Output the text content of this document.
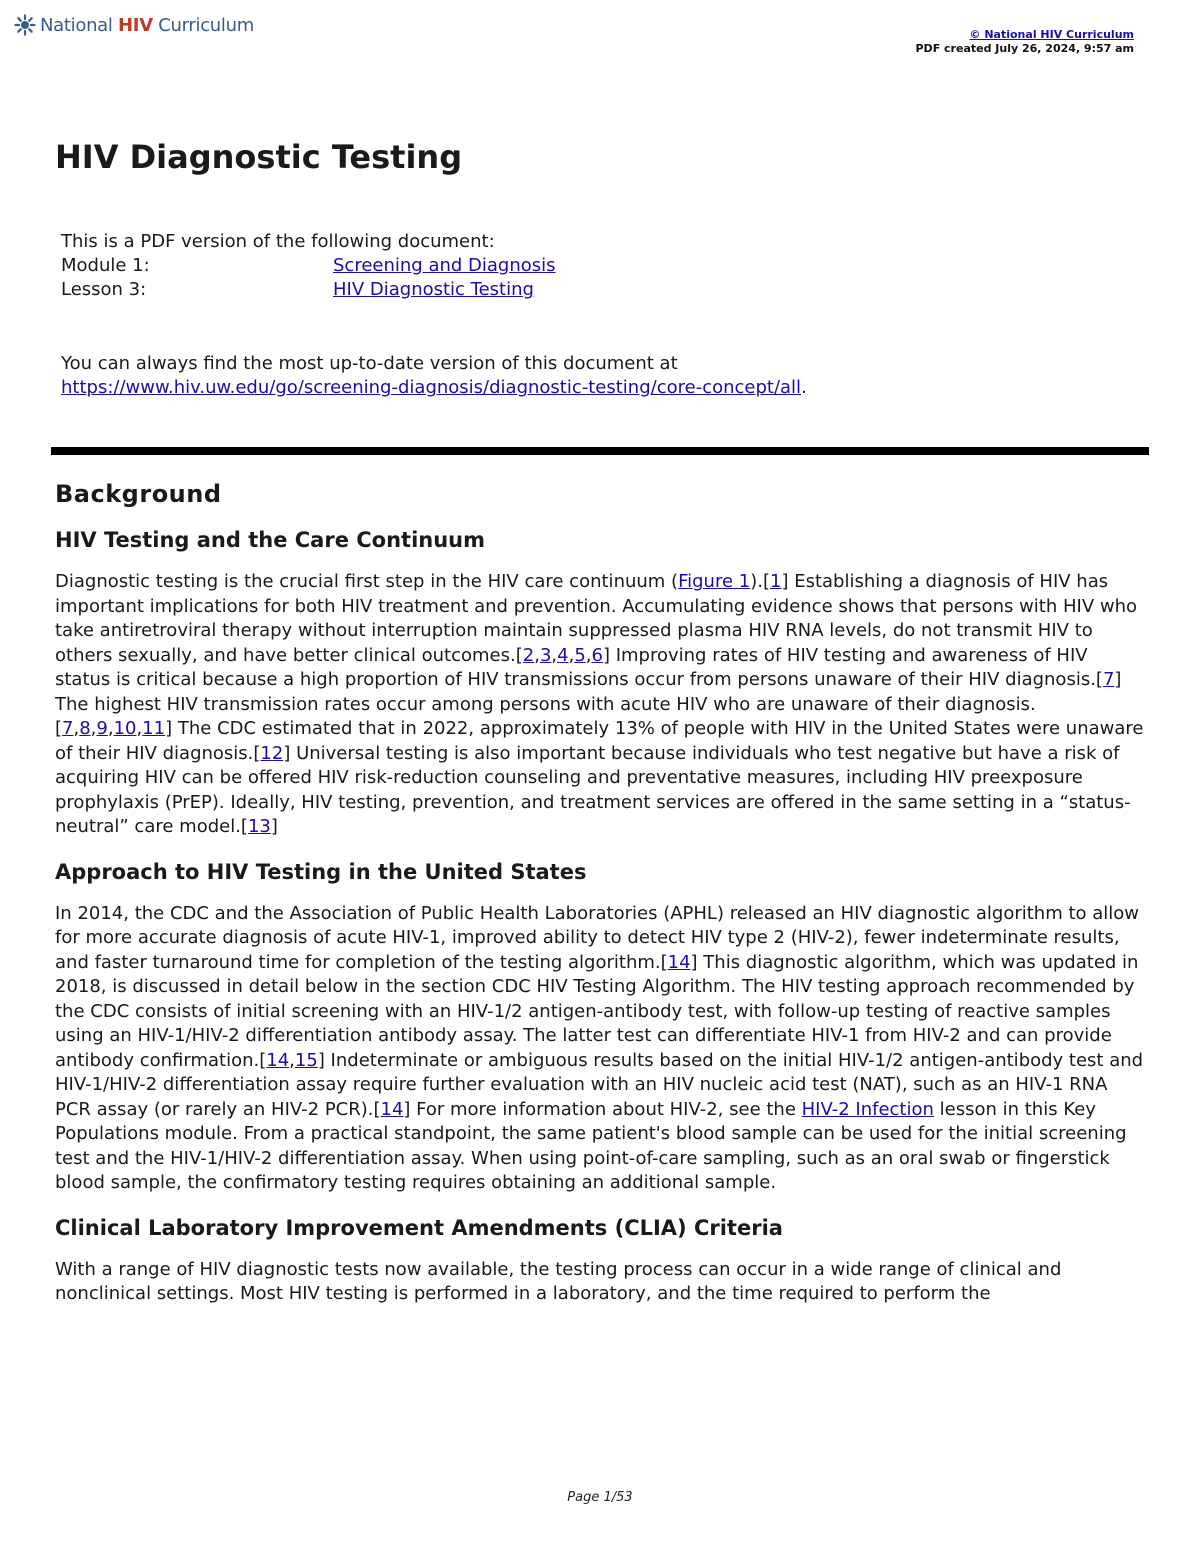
National HIV Curriculum	© National HIV Curriculum
PDF created July 26, 2024, 9:57 am
HIV Diagnostic Testing
This is a PDF version of the following document:
Module 1:	Screening and Diagnosis
Lesson 3:	HIV Diagnostic Testing
You can always find the most up-to-date version of this document at
https://www.hiv.uw.edu/go/screening-diagnosis/diagnostic-testing/core-concept/all.
Background
HIV Testing and the Care Continuum

Diagnostic testing is the crucial first step in the HIV care continuum (Figure 1).[1] Establishing a diagnosis of HIV has important implications for both HIV treatment and prevention. Accumulating evidence shows that persons with HIV who take antiretroviral therapy without interruption maintain suppressed plasma HIV RNA levels, do not transmit HIV to others sexually, and have better clinical outcomes.[2,3,4,5,6] Improving rates of HIV testing and awareness of HIV status is critical because a high proportion of HIV transmissions occur from persons unaware of their HIV diagnosis.[7] The highest HIV transmission rates occur among persons with acute HIV who are unaware of their diagnosis.[7,8,9,10,11] The CDC estimated that in 2022, approximately 13% of people with HIV in the United States were unaware of their HIV diagnosis.[12] Universal testing is also important because individuals who test negative but have a risk of acquiring HIV can be offered HIV risk-reduction counseling and preventative measures, including HIV preexposure prophylaxis (PrEP). Ideally, HIV testing, prevention, and treatment services are offered in the same setting in a “status-neutral” care model.[13]

Approach to HIV Testing in the United States

In 2014, the CDC and the Association of Public Health Laboratories (APHL) released an HIV diagnostic algorithm to allow for more accurate diagnosis of acute HIV-1, improved ability to detect HIV type 2 (HIV-2), fewer indeterminate results, and faster turnaround time for completion of the testing algorithm.[14] This diagnostic algorithm, which was updated in 2018, is discussed in detail below in the section CDC HIV Testing Algorithm. The HIV testing approach recommended by the CDC consists of initial screening with an HIV-1/2 antigen-antibody test, with follow-up testing of reactive samples using an HIV-1/HIV-2 differentiation antibody assay. The latter test can differentiate HIV-1 from HIV-2 and can provide antibody confirmation.[14,15] Indeterminate or ambiguous results based on the initial HIV-1/2 antigen-antibody test and HIV-1/HIV-2 differentiation assay require further evaluation with an HIV nucleic acid test (NAT), such as an HIV-1 RNA PCR assay (or rarely an HIV-2 PCR).[14] For more information about HIV-2, see the HIV-2 Infection lesson in this Key Populations module. From a practical standpoint, the same patient's blood sample can be used for the initial screening test and the HIV-1/HIV-2 differentiation assay. When using point-of-care sampling, such as an oral swab or fingerstick blood sample, the confirmatory testing requires obtaining an additional sample.

Clinical Laboratory Improvement Amendments (CLIA) Criteria

With a range of HIV diagnostic tests now available, the testing process can occur in a wide range of clinical and nonclinical settings. Most HIV testing is performed in a laboratory, and the time required to perform the

Page 1/53
